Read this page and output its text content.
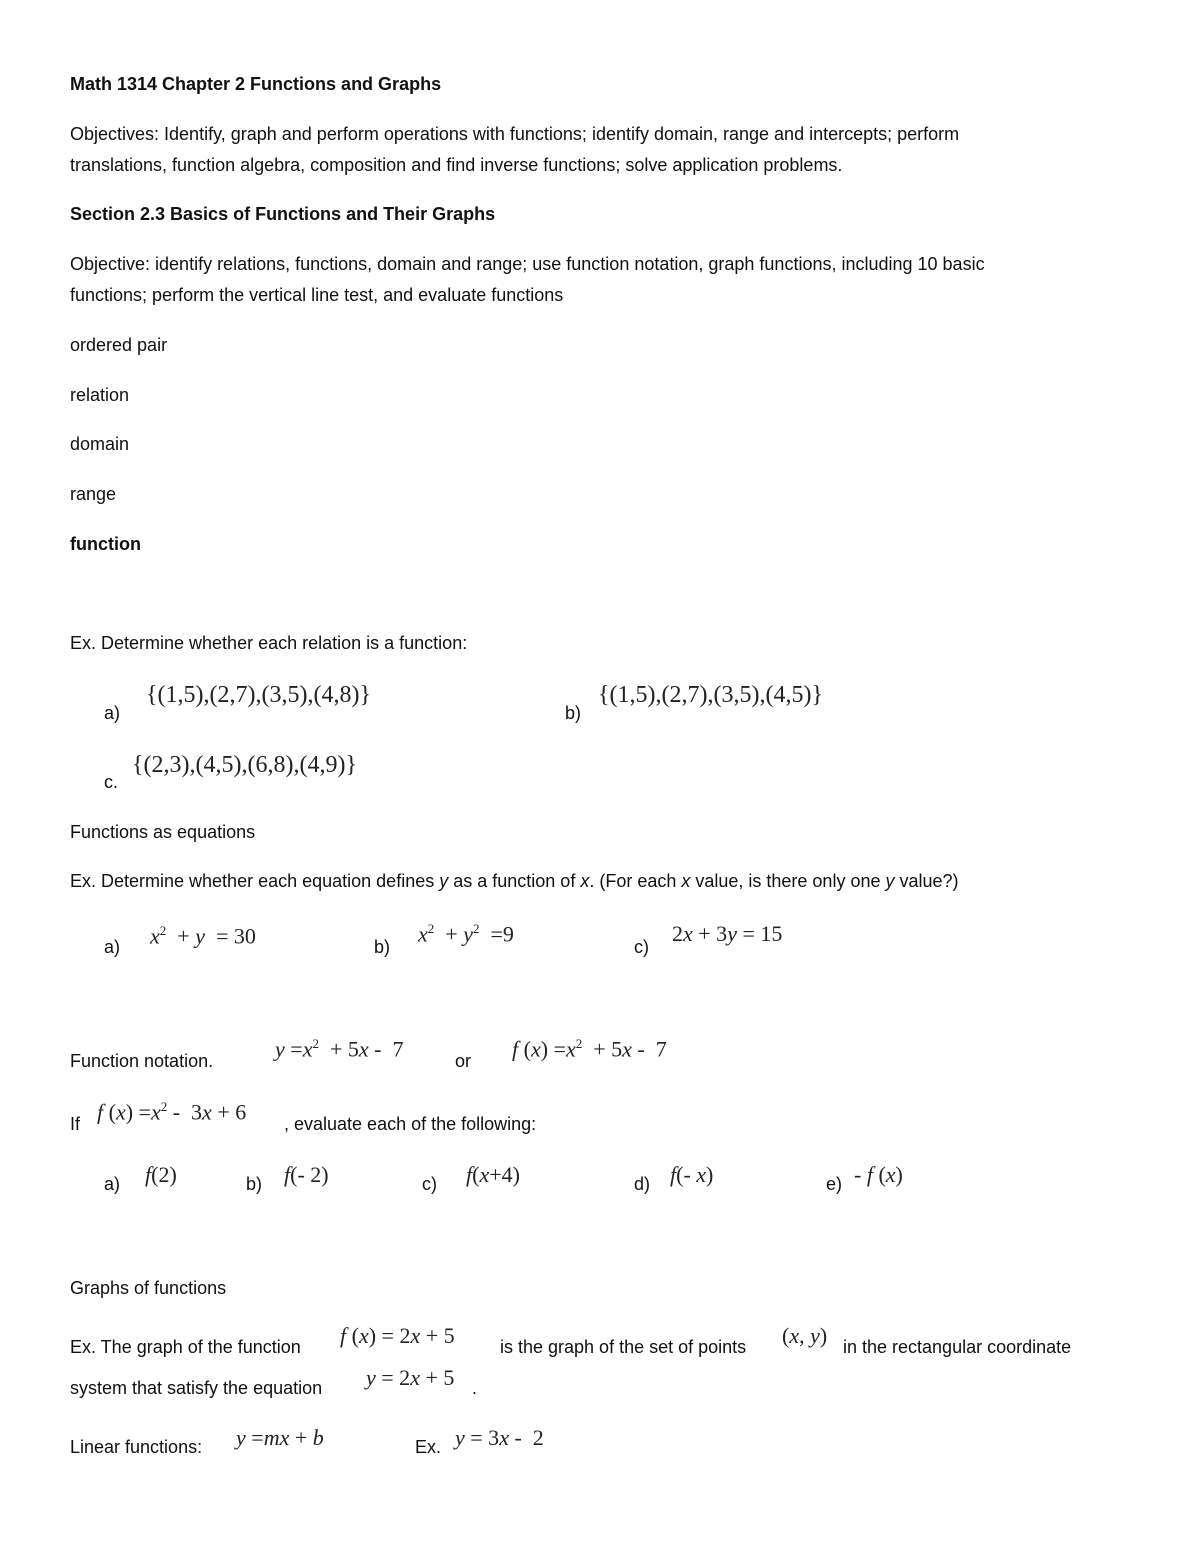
Math 1314 Chapter 2 Functions and Graphs
Objectives: Identify, graph and perform operations with functions; identify domain, range and intercepts; perform
translations, function algebra, composition and find inverse functions; solve application problems.
Section 2.3 Basics of Functions and Their Graphs
Objective: identify relations, functions, domain and range; use function notation, graph functions, including 10 basic
functions; perform the vertical line test, and evaluate functions
ordered pair
relation
domain
range
function
Ex. Determine whether each relation is a function:
a)
{(1,5),(2,7),(3,5),(4,8)}
b)
{(1,5),(2,7),(3,5),(4,5)}
c.
{(2,3),(4,5),(6,8),(4,9)}
Functions as equations
Ex. Determine whether each equation defines y as a function of x. (For each x value, is there only one y value?)
a) $x^2 + y = 30$	b)
$x^2 + y^2 =9$
c)
2x + 3y = 15
Function notation.	$y =x^2 + 5x - 7$	or f $(x) =x^2 + 5x - 7$
If f $(x) =x^2 - 3x + 6$ , evaluate each of the following:
a) f(2)	b) f(- 2)	c) f(x+4)	d) f(- x)	e) - f (x)
Graphs of functions
Ex. The graph of the function f (x) = 2x + 5	is the graph of the set of points (x, y) in the rectangular coordinate
system that satisfy the equation y = 2x + 5 .
Linear functions: y =mx + b	Ex. y = 3x -  2
